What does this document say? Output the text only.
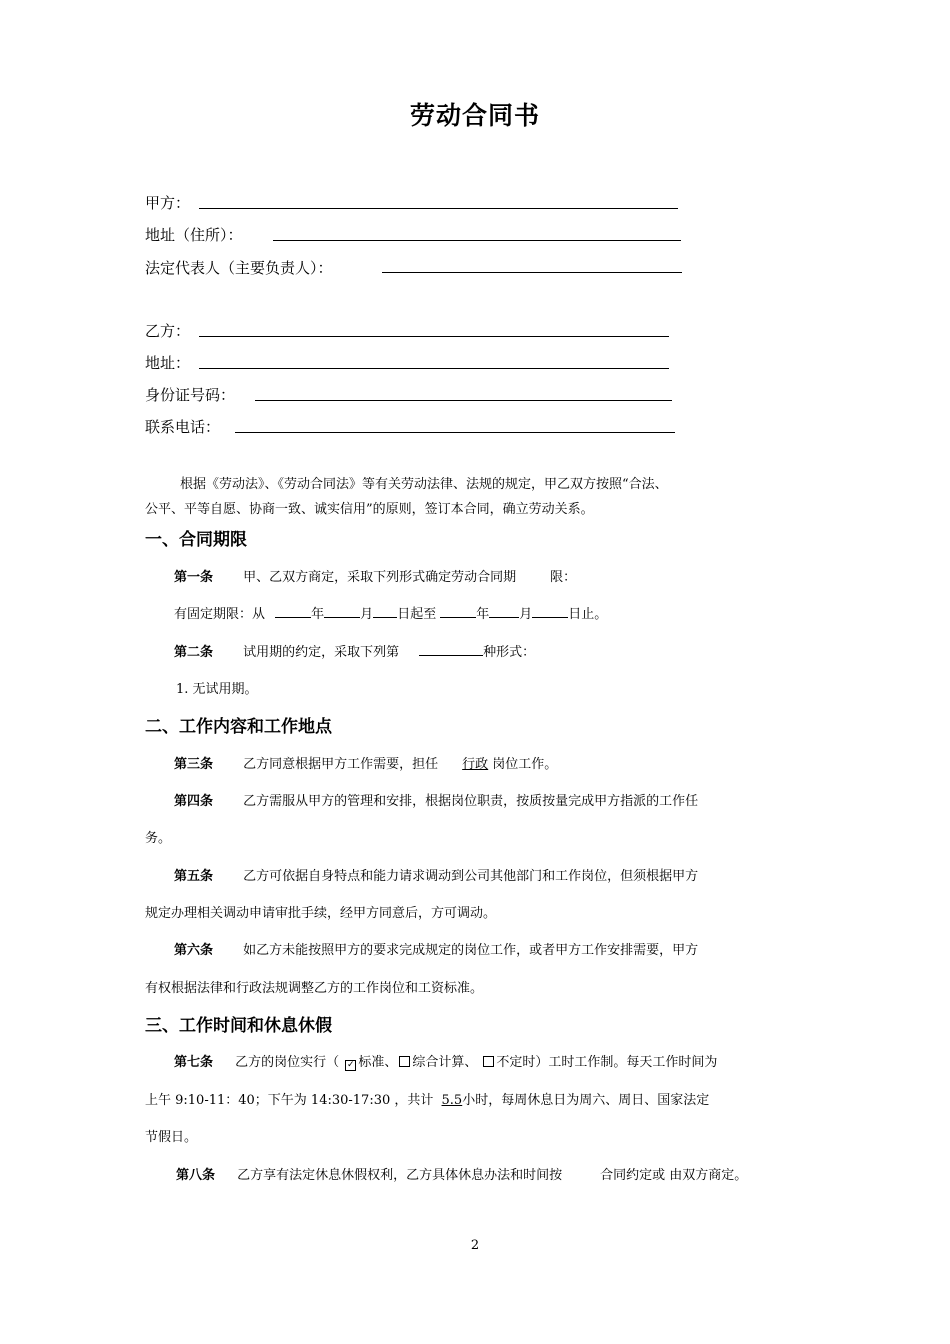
劳动合同书
甲方：
地址（住所）：
法定代表人（主要负责人）：
乙方：
地址：
身份证号码：
联系电话：
根据《劳动法》、《劳动合同法》等有关劳动法律、法规的规定，甲乙双方按照“合法、
公平、平等自愿、协商一致、诚实信用”的原则，签订本合同，确立劳动关系。
一、合同期限
第一条 甲、乙双方商定，采取下列形式确定劳动合同期	限：
有固定期限：从	年	月 日起至	年 月	日止。
第二条 试用期的约定，采取下列第	种形式：
1. 无试用期。
二、工作内容和工作地点
第三条 乙方同意根据甲方工作需要，担任 行政 岗位工作。
第四条 乙方需服从甲方的管理和安排，根据岗位职责，按质按量完成甲方指派的工作任
务。
第五条 乙方可依据自身特点和能力请求调动到公司其他部门和工作岗位，但须根据甲方
规定办理相关调动申请审批手续，经甲方同意后，方可调动。
第六条 如乙方未能按照甲方的要求完成规定的岗位工作，或者甲方工作安排需要，甲方
有权根据法律和行政法规调整乙方的工作岗位和工资标准。
三、工作时间和休息休假
第七条 乙方的岗位实行（ ✓ 标准、 综合计算、 不定时）工时工作制。每天工作时间为
上午 9:10-11：40；下午为 14:30-17:30 ，共计 5.5小时，每周休息日为周六、周日、国家法定
节假日。
第八条 乙方享有法定休息休假权利，乙方具体休息办法和时间按	合同约定或 由双方商定。
2
